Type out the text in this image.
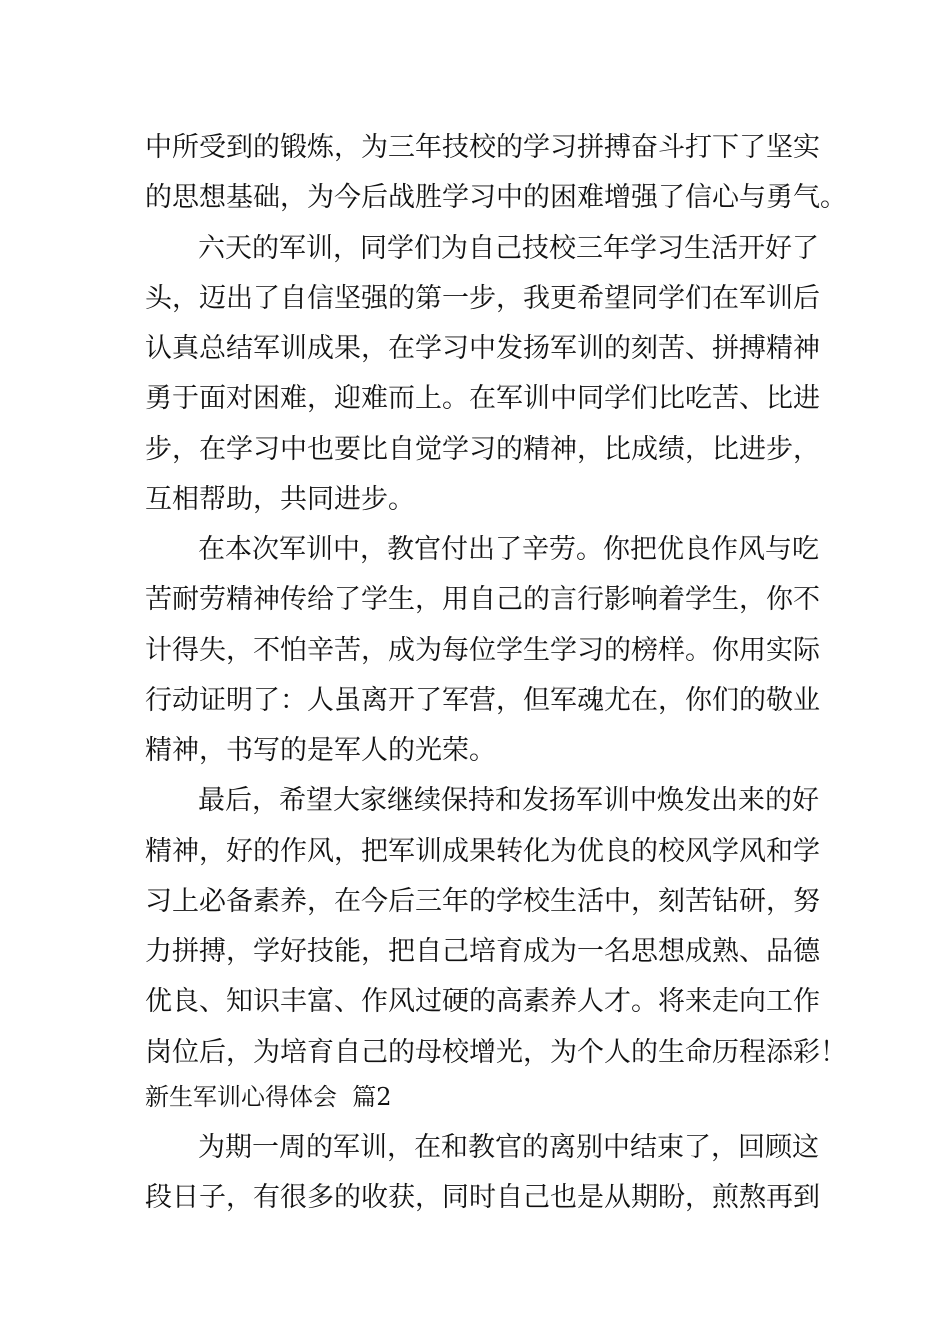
中所受到的锻炼，为三年技校的学习拼搏奋斗打下了坚实
的思想基础，为今后战胜学习中的困难增强了信心与勇气。
六天的军训，同学们为自己技校三年学习生活开好了
头，迈出了自信坚强的第一步，我更希望同学们在军训后
认真总结军训成果，在学习中发扬军训的刻苦、拼搏精神
勇于面对困难，迎难而上。在军训中同学们比吃苦、比进
步，在学习中也要比自觉学习的精神，比成绩，比进步，
互相帮助，共同进步。
在本次军训中，教官付出了辛劳。你把优良作风与吃
苦耐劳精神传给了学生，用自己的言行影响着学生，你不
计得失，不怕辛苦，成为每位学生学习的榜样。你用实际
行动证明了：人虽离开了军营，但军魂尤在，你们的敬业
精神，书写的是军人的光荣。
最后，希望大家继续保持和发扬军训中焕发出来的好
精神，好的作风，把军训成果转化为优良的校风学风和学
习上必备素养，在今后三年的学校生活中，刻苦钻研，努
力拼搏，学好技能，把自己培育成为一名思想成熟、品德
优良、知识丰富、作风过硬的高素养人才。将来走向工作
岗位后，为培育自己的母校增光，为个人的生命历程添彩！
新生军训心得体会  篇2
为期一周的军训，在和教官的离别中结束了，回顾这
段日子，有很多的收获，同时自己也是从期盼，煎熬再到
